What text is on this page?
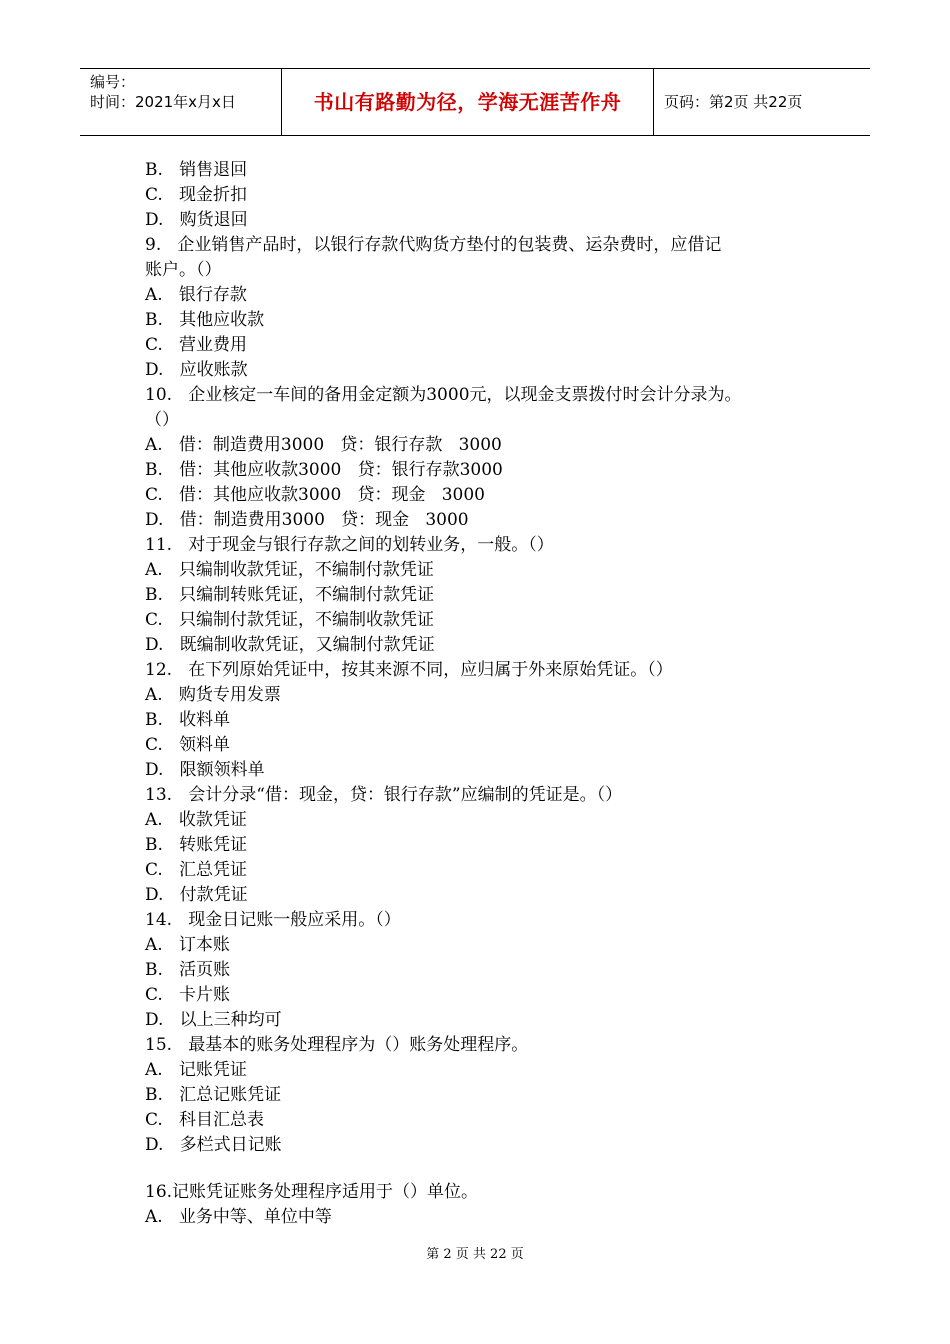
编号：
时间：2021年x月x日	书山有路勤为径，学海无涯苦作舟	页码：第2页 共22页
B.   销售退回
C.   现金折扣
D.   购货退回
9.   企业销售产品时，以银行存款代购货方垫付的包装费、运杂费时，应借记
账户。（）
A.   银行存款
B.   其他应收款
C.   营业费用
D.   应收账款
10.   企业核定一车间的备用金定额为3000元，以现金支票拨付时会计分录为。
（）
A.   借：制造费用3000   贷：银行存款   3000
B.   借：其他应收款3000   贷：银行存款3000
C.   借：其他应收款3000   贷：现金   3000
D.   借：制造费用3000   贷：现金   3000
11.   对于现金与银行存款之间的划转业务，一般。（）
A.   只编制收款凭证，不编制付款凭证
B.   只编制转账凭证，不编制付款凭证
C.   只编制付款凭证，不编制收款凭证
D.   既编制收款凭证，又编制付款凭证
12.   在下列原始凭证中，按其来源不同，应归属于外来原始凭证。（）
A.   购货专用发票
B.   收料单
C.   领料单
D.   限额领料单
13.   会计分录“借：现金，贷：银行存款”应编制的凭证是。（）
A.   收款凭证
B.   转账凭证
C.   汇总凭证
D.   付款凭证
14.   现金日记账一般应采用。（）
A.   订本账
B.   活页账
C.   卡片账
D.   以上三种均可
15.   最基本的账务处理程序为（）账务处理程序。
A.   记账凭证
B.   汇总记账凭证
C.   科目汇总表
D.   多栏式日记账
16.记账凭证账务处理程序适用于（）单位。
A.   业务中等、单位中等
第 2 页 共 22 页
